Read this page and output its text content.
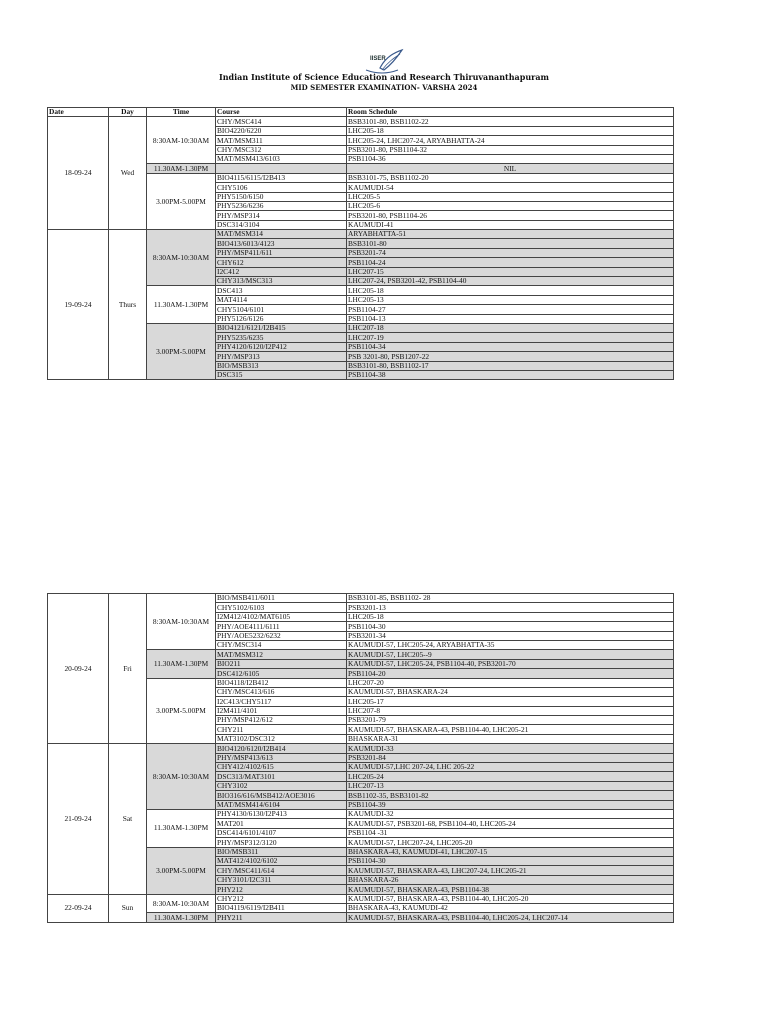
IISER
Indian Institute of Science Education and Research Thiruvananthapuram
MID SEMESTER EXAMINATION- VARSHA 2024
Date	Day	Time	Course	Room Schedule
18-09-24	Wed	8:30AM-10:30AM	CHY/MSC414	BSB3101-80, BSB1102-22
			BIO4220/6220	LHC205-18
			MAT/MSM311	LHC205-24, LHC207-24, ARYABHATTA-24
			CHY/MSC312	PSB3201-80, PSB1104-32
			MAT/MSM413/6103	PSB1104-36
		11.30AM-1.30PM		NIL
		3.00PM-5.00PM	BIO4115/6115/I2B413	BSB3101-75, BSB1102-20
			CHY5106	KAUMUDI-54
			PHY5150/6150	LHC205-5
			PHY5236/6236	LHC205-6
			PHY/MSP314	PSB3201-80, PSB1104-26
			DSC314/3104	KAUMUDI-41
19-09-24	Thurs	8:30AM-10:30AM	MAT/MSM314	ARYABHATTA-51
			BIO413/6013/4123	BSB3101-80
			PHY/MSP411/611	PSB3201-74
			CHY612	PSB1104-24
			I2C412	LHC207-15
			CHY313/MSC313	LHC207-24, PSB3201-42, PSB1104-40
		11.30AM-1.30PM	DSC413	LHC205-18
			MAT4114	LHC205-13
			CHY5104/6101	PSB1104-27
			PHY5126/6126	PSB1104-13
		3.00PM-5.00PM	BIO4121/6121/I2B415	LHC207-18
			PHY5235/6235	LHC207-19
			PHY4120/6120/I2P412	PSB1104-34
			PHY/MSP313	PSB 3201-80, PSB1207-22
			BIO/MSB313	BSB3101-80, BSB1102-17
			DSC315	PSB1104-38
20-09-24	Fri	8:30AM-10:30AM	BIO/MSB411/6011	BSB3101-85, BSB1102- 28
			CHY5102/6103	PSB3201-13
			I2M412/4102/MAT6105	LHC205-18
			PHY/AOE4111/6111	PSB1104-30
			PHY/AOE5232/6232	PSB3201-34
			CHY/MSC314	KAUMUDI-57, LHC205-24, ARYABHATTA-35
		11.30AM-1.30PM	MAT/MSM312	KAUMUDI-57, LHC205--9
			BIO211	KAUMUDI-57, LHC205-24, PSB1104-40, PSB3201-70
			DSC412/6105	PSB1104-20
		3.00PM-5.00PM	BIO4118/I2B412	LHC207-20
			CHY/MSC413/616	KAUMUDI-57, BHASKARA-24
			I2C413/CHY5117	LHC205-17
			I2M411/4101	LHC207-8
			PHY/MSP412/612	PSB3201-79
			CHY211	KAUMUDI-57, BHASKARA-43, PSB1104-40, LHC205-21
			MAT3102/DSC312	BHASKARA-31
21-09-24	Sat	8:30AM-10:30AM	BIO4120/6120/I2B414	KAUMUDI-33
			PHY/MSP413/613	PSB3201-84
			CHY412/4102/615	KAUMUDI-57,LHC 207-24, LHC 205-22
			DSC313/MAT3101	LHC205-24
			CHY3102	LHC207-13
			BIO316/616/MSB412/AOE3016	BSB1102-35, BSB3101-82
			MAT/MSM414/6104	PSB1104-39
		11.30AM-1.30PM	PHY4130/6130/I2P413	KAUMUDI-32
			MAT201	KAUMUDI-57, PSB3201-68, PSB1104-40, LHC205-24
			DSC414/6101/4107	PSB1104 -31
			PHY/MSP312/3120	KAUMUDI-57, LHC207-24, LHC205-20
		3.00PM-5.00PM	BIO/MSB311	BHASKARA-43, KAUMUDI-41, LHC207-15
			MAT412/4102/6102	PSB1104-30
			CHY/MSC411/614	KAUMUDI-57, BHASKARA-43, LHC207-24, LHC205-21
			CHY3101/I2C311	BHASKARA-26
			PHY212	KAUMUDI-57, BHASKARA-43, PSB1104-38
22-09-24	Sun	8:30AM-10:30AM	CHY212	KAUMUDI-57, BHASKARA-43, PSB1104-40, LHC205-20
			BIO4119/6119/I2B411	BHASKARA-43, KAUMUDI-42
		11.30AM-1.30PM	PHY211	KAUMUDI-57, BHASKARA-43, PSB1104-40, LHC205-24, LHC207-14
